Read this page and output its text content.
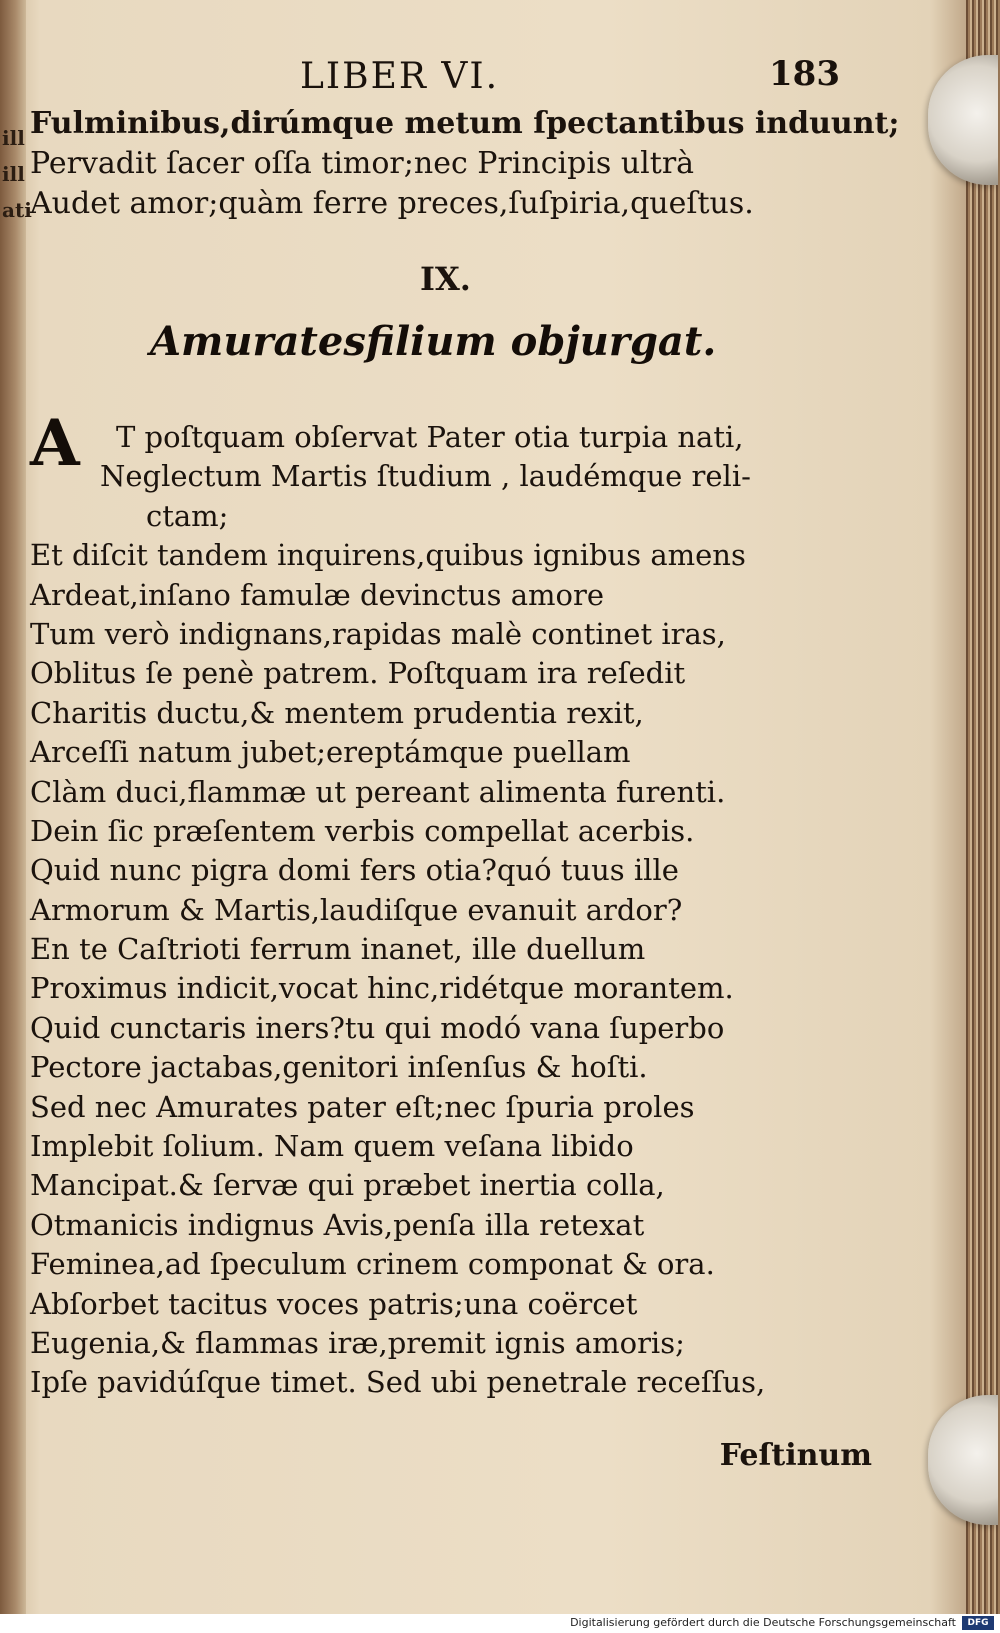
ill
ill
ati
LIBER VI.	183
Fulminibus,dirúmque metum ſpectantibus induunt;
Pervadit ſacer oſſa timor;nec Principis ultrà
Audet amor;quàm ferre preces,ſuſpiria,queſtus.
IX.
Amuratesfilium objurgat.
A	T poſtquam obſervat Pater otia turpia nati,
Neglectum Martis ſtudium , laudémque reli-
ctam;
Et diſcit tandem inquirens,quibus ignibus amens
Ardeat,inſano famulæ devinctus amore
Tum verò indignans,rapidas malè continet iras,
Oblitus ſe penè patrem. Poſtquam ira reſedit
Charitis ductu,& mentem prudentia rexit,
Arceſſi natum jubet;ereptámque puellam
Clàm duci,flammæ ut pereant alimenta furenti.
Dein ſic præſentem verbis compellat acerbis.
Quid nunc pigra domi fers otia?quó tuus ille
Armorum & Martis,laudiſque evanuit ardor?
En te Caſtrioti ferrum inanet, ille duellum
Proximus indicit,vocat hinc,ridétque morantem.
Quid cunctaris iners?tu qui modó vana ſuperbo
Pectore jactabas,genitori inſenſus & hoſti.
Sed nec Amurates pater eſt;nec ſpuria proles
Implebit ſolium. Nam quem veſana libido
Mancipat.& ſervæ qui præbet inertia colla,
Otmanicis indignus Avis,penſa illa retexat
Feminea,ad ſpeculum crinem componat & ora.
Abſorbet tacitus voces patris;una coërcet
Eugenia,& flammas iræ,premit ignis amoris;
Ipſe pavidúſque timet. Sed ubi penetrale receſſus,
Feſtinum
Digitalisierung gefördert durch die Deutsche Forschungsgemeinschaft	DFG
